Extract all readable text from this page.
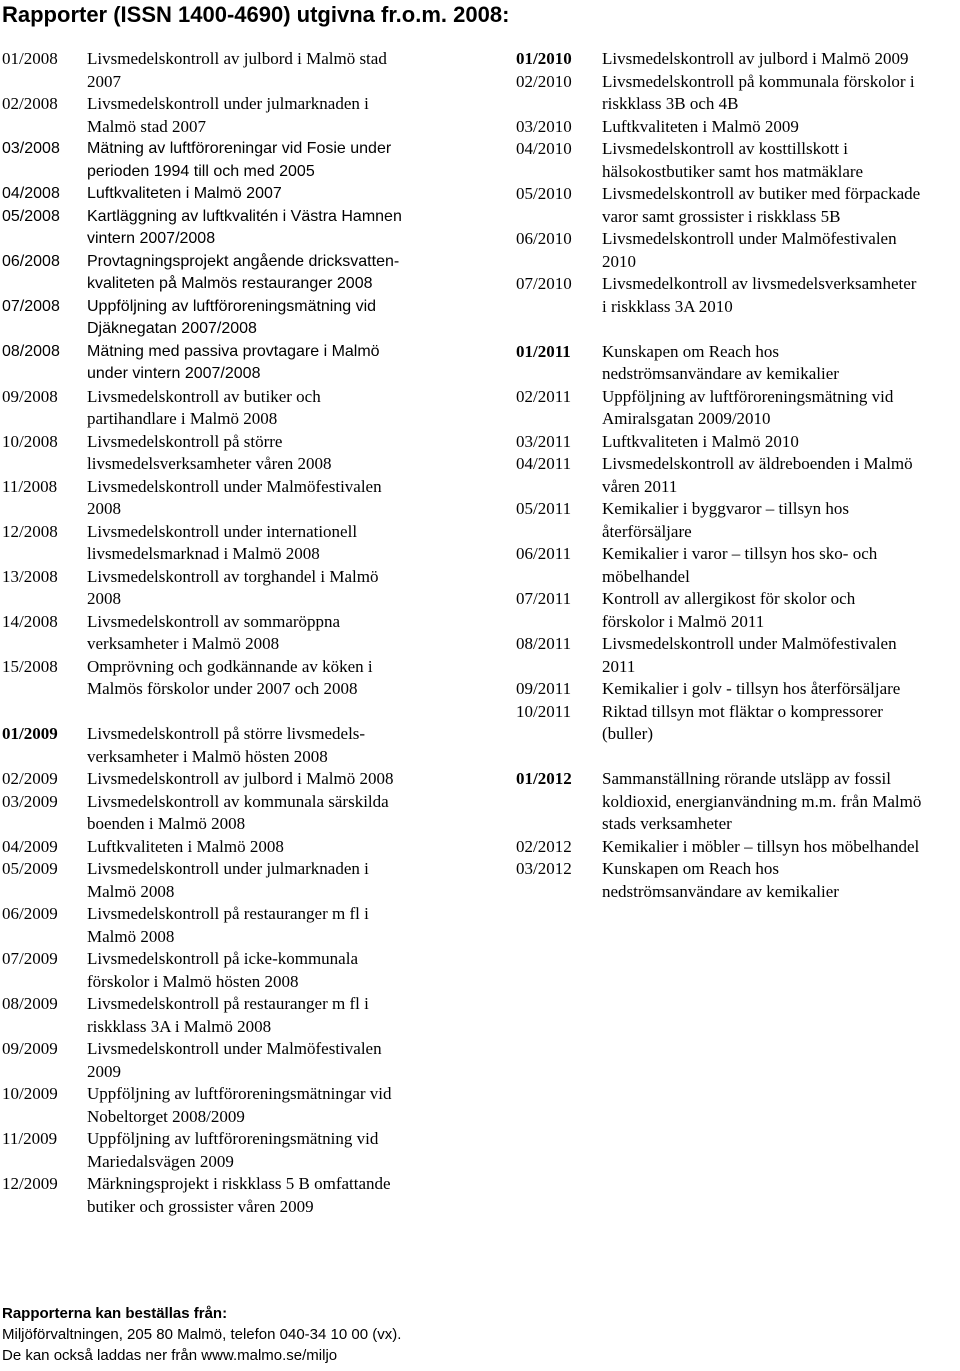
Rapporter (ISSN 1400-4690) utgivna fr.o.m. 2008:
01/2008	Livsmedelskontroll av julbord i Malmö stad
2007
02/2008	Livsmedelskontroll under julmarknaden i
Malmö stad 2007
03/2008	Mätning av luftföroreningar vid Fosie under
perioden 1994 till och med 2005
04/2008	Luftkvaliteten i Malmö 2007
05/2008	Kartläggning av luftkvalitén i Västra Hamnen
vintern 2007/2008
06/2008	Provtagningsprojekt angående dricksvatten-
kvaliteten på Malmös restauranger 2008
07/2008	Uppföljning av luftföroreningsmätning vid
Djäknegatan 2007/2008
08/2008	Mätning med passiva provtagare i Malmö
under vintern 2007/2008
09/2008	Livsmedelskontroll av butiker och
partihandlare i Malmö 2008
10/2008	Livsmedelskontroll på större
livsmedelsverksamheter våren 2008
11/2008	Livsmedelskontroll under Malmöfestivalen
2008
12/2008	Livsmedelskontroll under internationell
livsmedelsmarknad i Malmö 2008
13/2008	Livsmedelskontroll av torghandel i Malmö
2008
14/2008	Livsmedelskontroll av sommaröppna
verksamheter i Malmö 2008
15/2008	Omprövning och godkännande av köken i
Malmös förskolor under 2007 och 2008
01/2009	Livsmedelskontroll på större livsmedels-
verksamheter i Malmö hösten 2008
02/2009	Livsmedelskontroll av julbord i Malmö 2008
03/2009	Livsmedelskontroll av kommunala särskilda
boenden i Malmö 2008
04/2009	Luftkvaliteten i Malmö 2008
05/2009	Livsmedelskontroll under julmarknaden i
Malmö 2008
06/2009	Livsmedelskontroll på restauranger m fl i
Malmö 2008
07/2009	Livsmedelskontroll på icke-kommunala
förskolor i Malmö hösten 2008
08/2009	Livsmedelskontroll på restauranger m fl i
riskklass 3A i Malmö 2008
09/2009	Livsmedelskontroll under Malmöfestivalen
2009
10/2009	Uppföljning av luftföroreningsmätningar vid
Nobeltorget 2008/2009
11/2009	Uppföljning av luftföroreningsmätning vid
Mariedalsvägen 2009
12/2009	Märkningsprojekt i riskklass 5 B omfattande
butiker och grossister våren 2009
01/2010	Livsmedelskontroll av julbord i Malmö 2009
02/2010	Livsmedelskontroll på kommunala förskolor i
riskklass 3B och 4B
03/2010	Luftkvaliteten i Malmö 2009
04/2010	Livsmedelskontroll av kosttillskott i
hälsokostbutiker samt hos matmäklare
05/2010	Livsmedelskontroll av butiker med förpackade
varor samt grossister i riskklass 5B
06/2010	Livsmedelskontroll under Malmöfestivalen
2010
07/2010	Livsmedelkontroll av livsmedelsverksamheter
i riskklass 3A 2010
01/2011	Kunskapen om Reach hos
nedströmsanvändare av kemikalier
02/2011	Uppföljning av luftföroreningsmätning vid
Amiralsgatan 2009/2010
03/2011	Luftkvaliteten i Malmö 2010
04/2011	Livsmedelskontroll av äldreboenden i Malmö
våren 2011
05/2011	Kemikalier i byggvaror – tillsyn hos
återförsäljare
06/2011	Kemikalier i varor – tillsyn hos sko- och
möbelhandel
07/2011	Kontroll av allergikost för skolor och
förskolor i Malmö 2011
08/2011	Livsmedelskontroll under Malmöfestivalen
2011
09/2011	Kemikalier i golv - tillsyn hos återförsäljare
10/2011	Riktad tillsyn mot fläktar o kompressorer
(buller)
01/2012	Sammanställning rörande utsläpp av fossil
koldioxid, energianvändning m.m. från Malmö
stads verksamheter
02/2012	Kemikalier i möbler – tillsyn hos möbelhandel
03/2012	Kunskapen om Reach hos
nedströmsanvändare av kemikalier
Rapporterna kan beställas från:
Miljöförvaltningen, 205 80 Malmö, telefon 040-34 10 00 (vx).
De kan också laddas ner från www.malmo.se/miljo
